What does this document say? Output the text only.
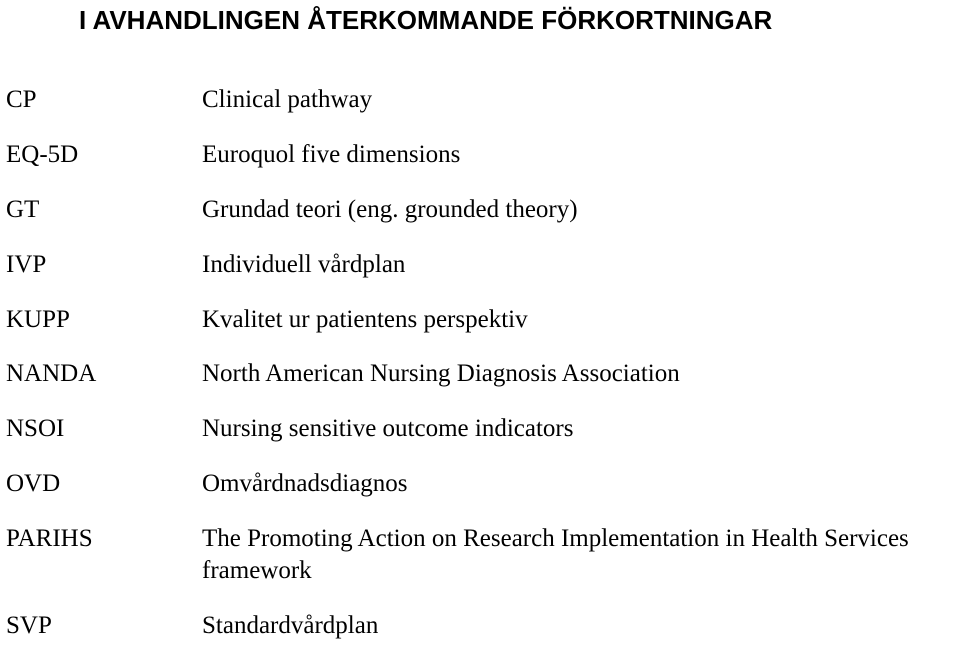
I AVHANDLINGEN ÅTERKOMMANDE FÖRKORTNINGAR
CP	Clinical pathway
EQ-5D	Euroquol five dimensions
GT	Grundad teori (eng. grounded theory)
IVP	Individuell vårdplan
KUPP	Kvalitet ur patientens perspektiv
NANDA	North American Nursing Diagnosis Association
NSOI	Nursing sensitive outcome indicators
OVD	Omvårdnadsdiagnos
PARIHS	The Promoting Action on Research Implementation in Health Services framework
SVP	Standardvårdplan
